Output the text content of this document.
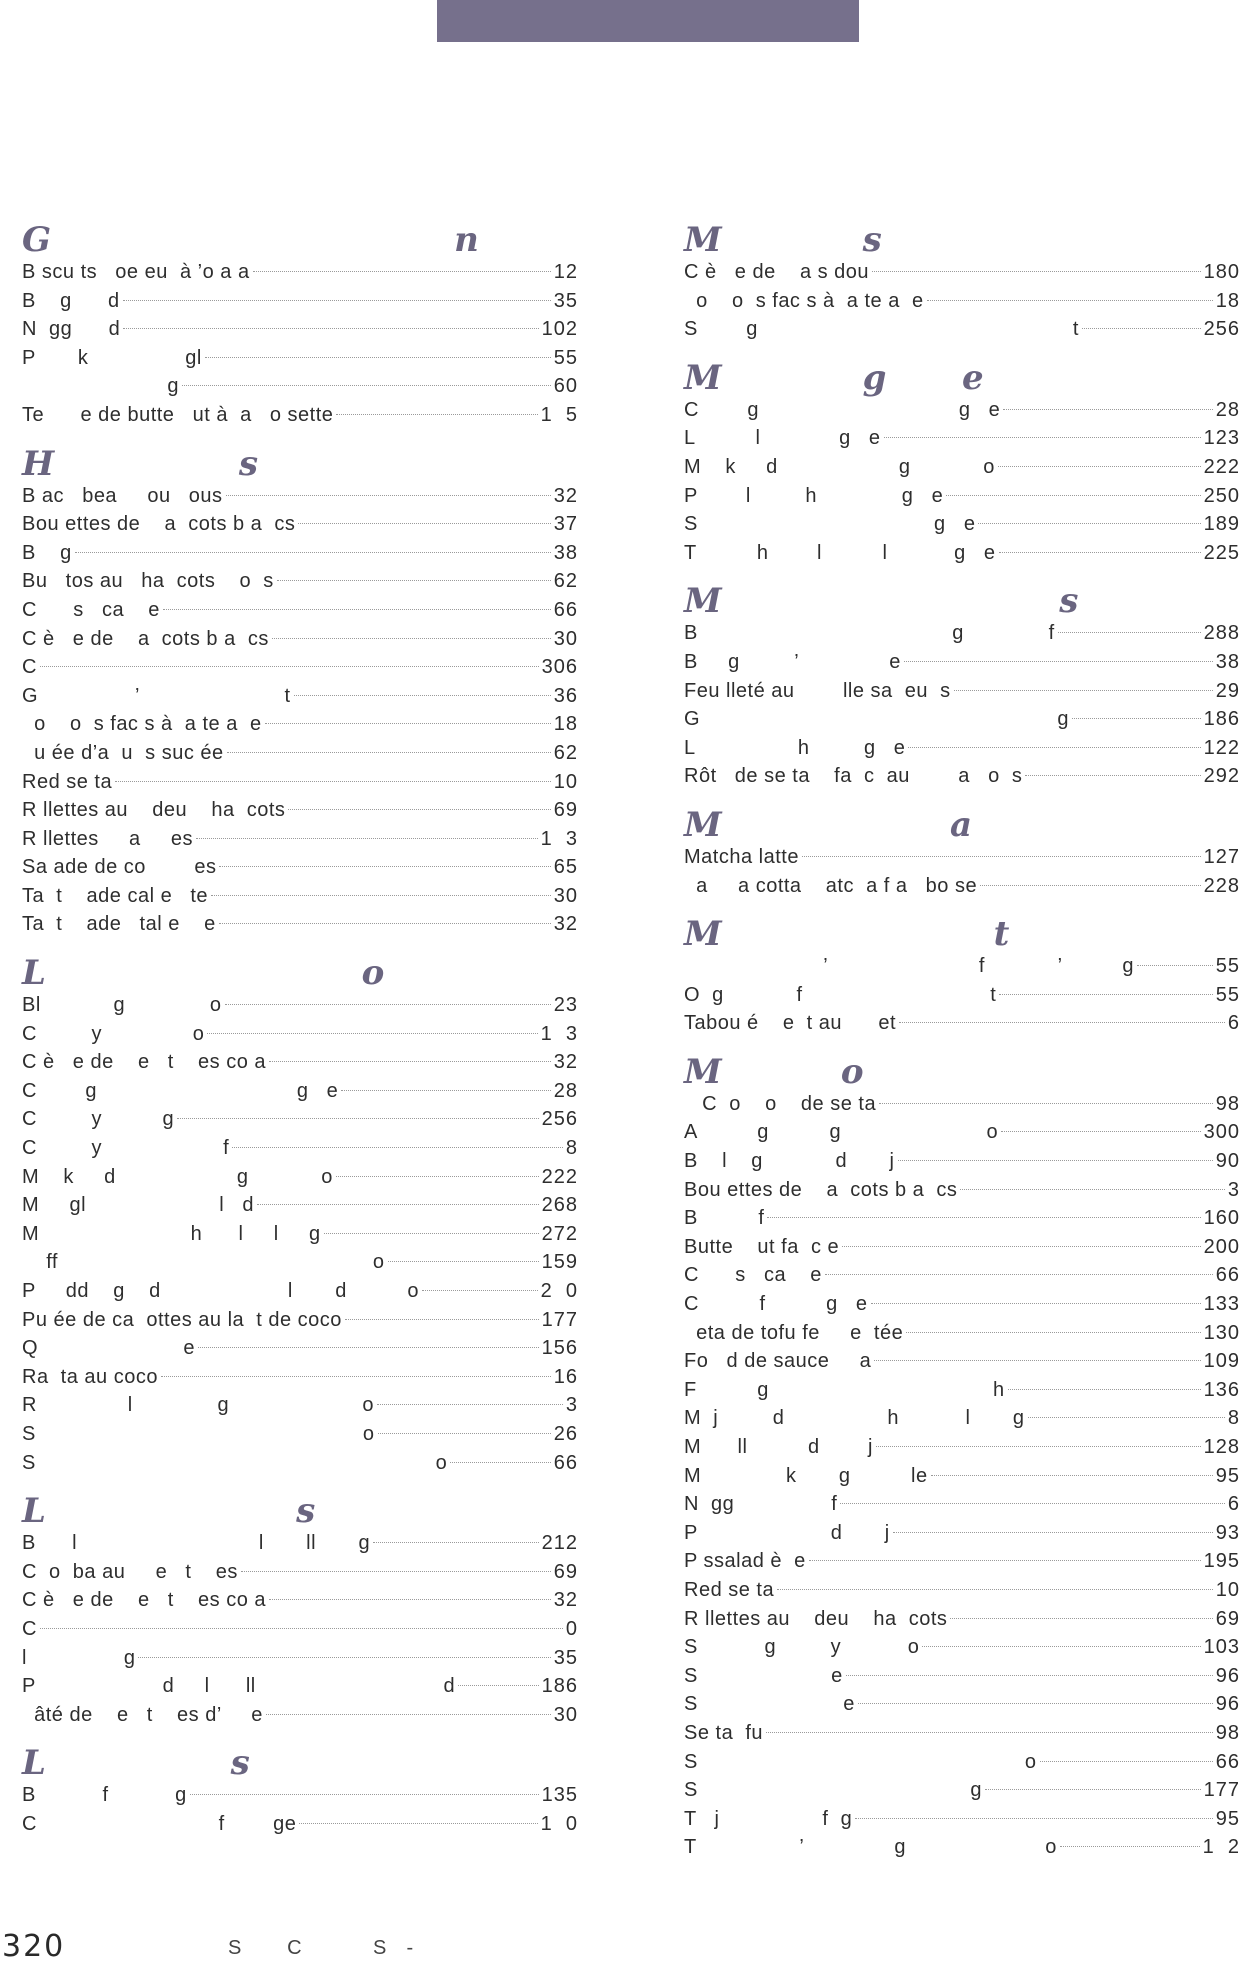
G                  n
B scu ts   oe eu  à ’o a a	12
B    g      d	35
N  gg      d	102
P       k                gl	55
g	60
Te      e de butte   ut à  a   o sette	1  5
H        s
B ac   bea     ou   ous	32
Bou ettes de    a  cots b a  cs	37
B    g	38
Bu   tos au   ha  cots    o  s	62
C      s   ca    e	66
C è   e de    a  cots b a  cs	30
C	306
G                ’                        t	36
o    o  s fac s à  a te a  e	18
u ée d’a  u  s suc ée	62
Red se ta	10
R llettes au    deu    ha  cots	69
R llettes     a     es	1  3
Sa ade de co        es	65
Ta  t    ade cal e   te	30
Ta  t    ade   tal e    e	32
L              o
Bl            g              o	23
C         y               o	1  3
C è   e de    e   t    es co a	32
C        g                                 g   e	28
C         y          g	256
C         y                    f	8
M    k     d                    g            o	222
M     gl                      l   d	268
M                         h      l     l     g	272
ff                                                    o	159
P     dd    g    d                     l       d          o	2  0
Pu ée de ca  ottes au la  t de coco	177
Q                        e	156
Ra  ta au coco	16
R               l              g                      o	3
S                                                      o	26
S                                                                  o	66
L           s
B      l                              l       ll       g	212
C  o  ba au     e   t    es	69
C è   e de    e   t    es co a	32
C	0
l                g	35
P                     d     l      ll                               d	186
âté de    e   t    es d’     e	30
L        s
B           f           g	135
C                              f        ge	1  0
M      s
C è   e de    a s dou	180
o    o  s fac s à  a te a  e	18
S        g                                                    t	256
M      g   e
C        g                                 g   e	28
L          l             g   e	123
M    k     d                    g            o	222
P        l         h              g   e	250
S                                       g   e	189
T          h        l          l           g   e	225
M               s
B                                          g              f	288
B     g         ’               e	38
Feu lleté au        lle sa  eu  s	29
G                                                           g	186
L                 h         g   e	122
Rôt   de se ta    fa  c  au        a   o  s	292
M          a
Matcha latte	127
a     a cotta    atc  a f a   bo se	228
M            t
’                         f            ’          g	55
O  g            f                               t	55
Tabou é    e  t au      et	6
M     o
C  o    o    de se ta	98
A          g          g                        o	300
B    l    g            d       j	90
Bou ettes de    a  cots b a  cs	3
B          f	160
Butte    ut fa  c e	200
C      s   ca    e	66
C          f          g   e	133
eta de tofu fe     e  tée	130
Fo   d de sauce     a	109
F          g                                     h	136
M  j         d                 h           l       g	8
M      ll          d        j	128
M              k       g          le	95
N  gg                f	6
P                      d       j	93
P ssalad è  e	195
Red se ta	10
R llettes au    deu    ha  cots	69
S           g         y           o	103
S                      e	96
S                        e	96
Se ta  fu	98
S                                                      o	66
S                                             g	177
T   j                 f  g	95
T                 ’               g                       o	1  2
320	S     C        S  -
